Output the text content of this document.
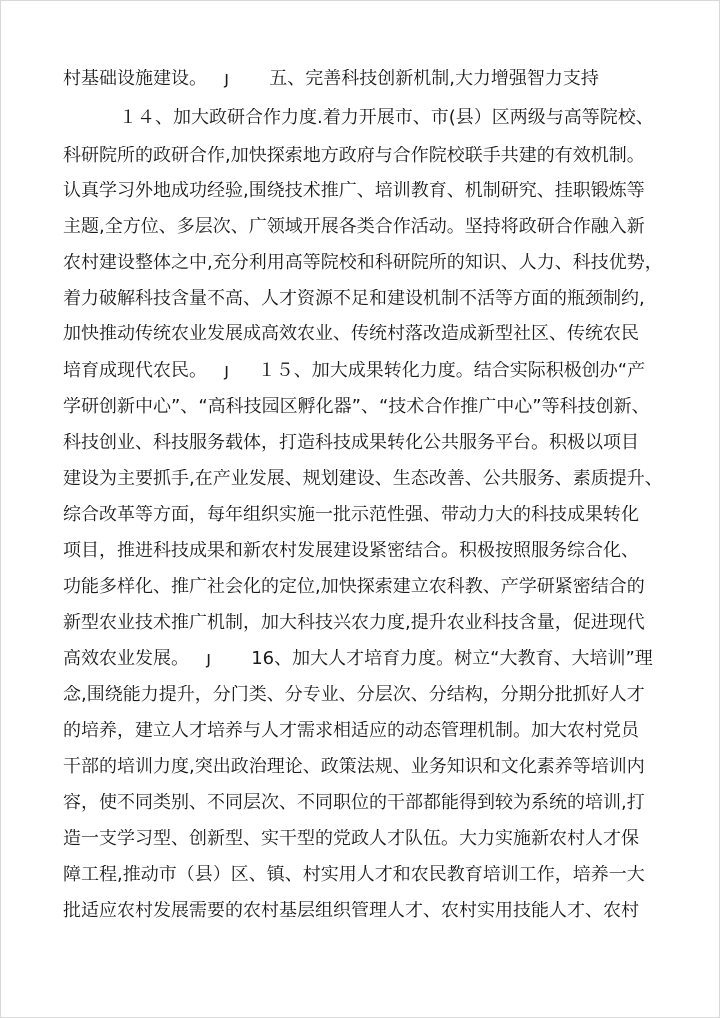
村基础设施建设。   ȷ       五、完善科技创新机制,大力增强智力支持

１４、加大政研合作力度.着力开展市、市(县）区两级与高等院校、

科研院所的政研合作,加快探索地方政府与合作院校联手共建的有效机制。

认真学习外地成功经验,围绕技术推广、培训教育、机制研究、挂职锻炼等

主题,全方位、多层次、广领域开展各类合作活动。坚持将政研合作融入新

农村建设整体之中,充分利用高等院校和科研院所的知识、人力、科技优势，

着力破解科技含量不高、人才资源不足和建设机制不活等方面的瓶颈制约,

加快推动传统农业发展成高效农业、传统村落改造成新型社区、传统农民

培育成现代农民。   ȷ     １５、加大成果转化力度。结合实际积极创办“产

学研创新中心”、“高科技园区孵化器”、“技术合作推广中心”等科技创新、

科技创业、科技服务载体，打造科技成果转化公共服务平台。积极以项目

建设为主要抓手,在产业发展、规划建设、生态改善、公共服务、素质提升、

综合改革等方面，每年组织实施一批示范性强、带动力大的科技成果转化

项目，推进科技成果和新农村发展建设紧密结合。积极按照服务综合化、

功能多样化、推广社会化的定位,加快探索建立农科教、产学研紧密结合的

新型农业技术推广机制，加大科技兴农力度,提升农业科技含量，促进现代

高效农业发展。   ȷ       16、加大人才培育力度。树立“大教育、大培训”理

念,围绕能力提升，分门类、分专业、分层次、分结构，分期分批抓好人才

的培养，建立人才培养与人才需求相适应的动态管理机制。加大农村党员

干部的培训力度,突出政治理论、政策法规、业务知识和文化素养等培训内

容，使不同类别、不同层次、不同职位的干部都能得到较为系统的培训,打

造一支学习型、创新型、实干型的党政人才队伍。大力实施新农村人才保

障工程,推动市（县）区、镇、村实用人才和农民教育培训工作，培养一大

批适应农村发展需要的农村基层组织管理人才、农村实用技能人才、农村
